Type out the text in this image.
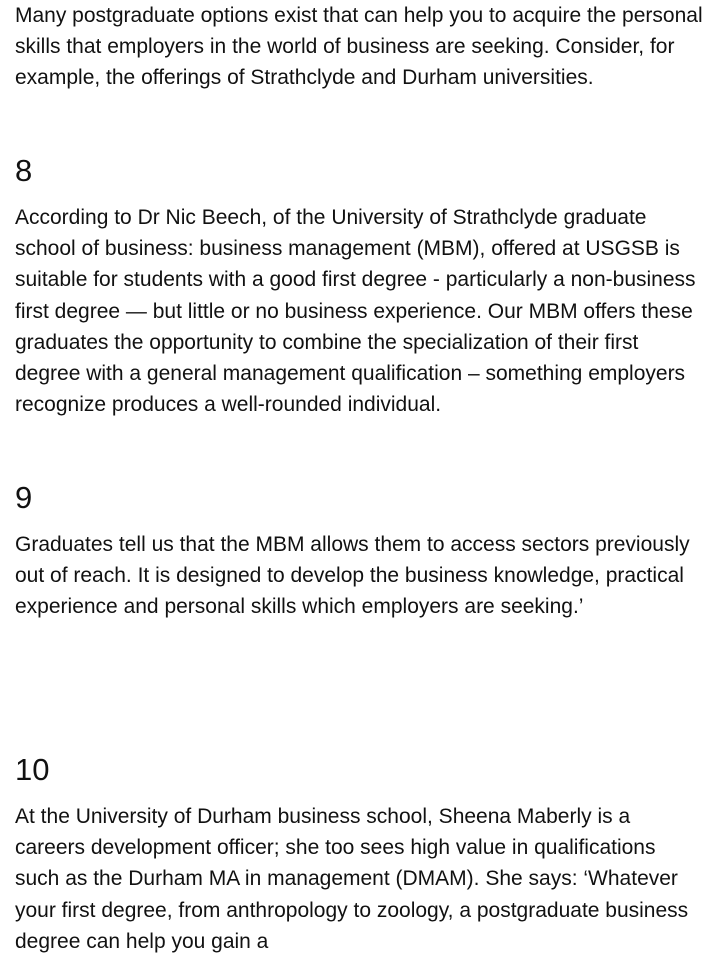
Many postgraduate options exist that can help you to acquire the personal skills that employers in the world of business are seeking. Consider, for example, the offerings of Strathclyde and Durham universities.

8

According to Dr Nic Beech, of the University of Strathclyde graduate school of business: business management (MBM), offered at USGSB is suitable for students with a good first degree - particularly a non-business first degree — but little or no business experience. Our MBM offers these graduates the opportunity to combine the specialization of their first degree with a general management qualification – something employers recognize produces a well-rounded individual.

9

Graduates tell us that the MBM allows them to access sectors previously out of reach. It is designed to develop the business knowledge, practical experience and personal skills which employers are seeking.’

10

At the University of Durham business school, Sheena Maberly is a careers development officer; she too sees high value in qualifications such as the Durham MA in management (DMAM). She says: ‘Whatever your first degree, from anthropology to zoology, a postgraduate business degree can help you gain a
